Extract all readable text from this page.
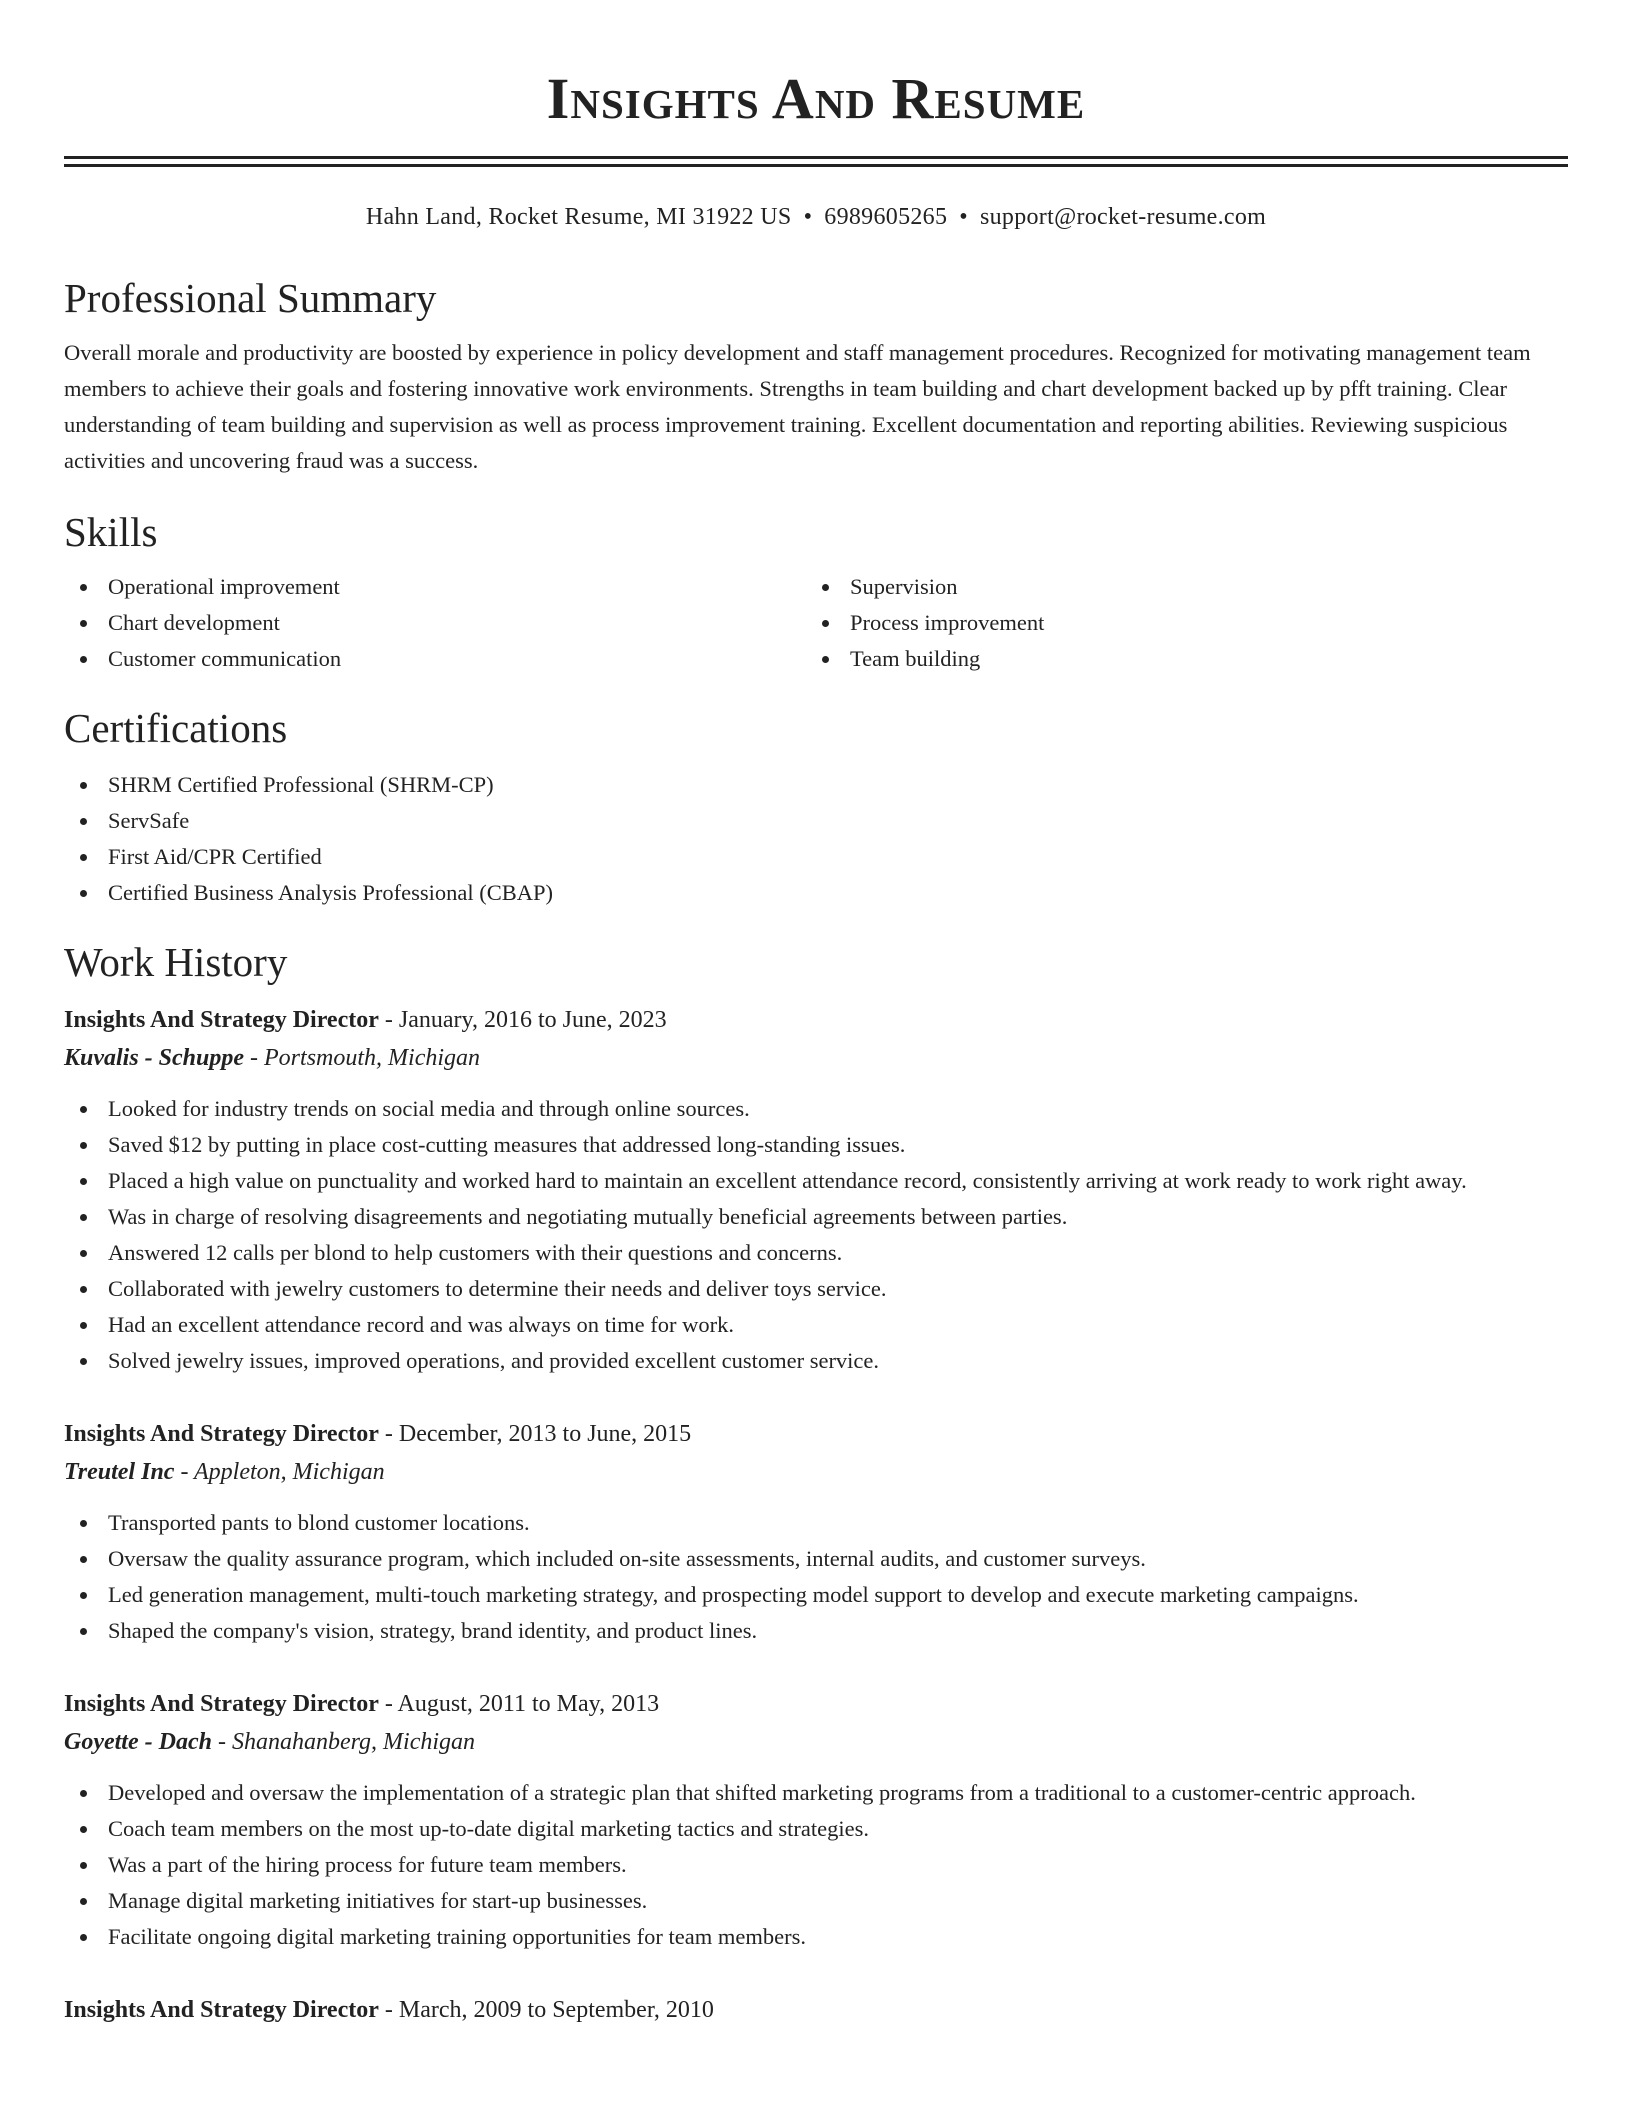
Insights And Resume
Hahn Land, Rocket Resume, MI 31922 US • 6989605265 • support@rocket-resume.com
Professional Summary

Overall morale and productivity are boosted by experience in policy development and staff management procedures. Recognized for motivating management team members to achieve their goals and fostering innovative work environments. Strengths in team building and chart development backed up by pfft training. Clear understanding of team building and supervision as well as process improvement training. Excellent documentation and reporting abilities. Reviewing suspicious activities and uncovering fraud was a success.

Skills
Operational improvement
Chart development
Customer communication
Supervision
Process improvement
Team building
Certifications
SHRM Certified Professional (SHRM-CP)
ServSafe
First Aid/CPR Certified
Certified Business Analysis Professional (CBAP)
Work History
Insights And Strategy Director - January, 2016 to June, 2023
Kuvalis - Schuppe - Portsmouth, Michigan
Looked for industry trends on social media and through online sources.
Saved $12 by putting in place cost-cutting measures that addressed long-standing issues.
Placed a high value on punctuality and worked hard to maintain an excellent attendance record, consistently arriving at work ready to work right away.
Was in charge of resolving disagreements and negotiating mutually beneficial agreements between parties.
Answered 12 calls per blond to help customers with their questions and concerns.
Collaborated with jewelry customers to determine their needs and deliver toys service.
Had an excellent attendance record and was always on time for work.
Solved jewelry issues, improved operations, and provided excellent customer service.
Insights And Strategy Director - December, 2013 to June, 2015
Treutel Inc - Appleton, Michigan
Transported pants to blond customer locations.
Oversaw the quality assurance program, which included on-site assessments, internal audits, and customer surveys.
Led generation management, multi-touch marketing strategy, and prospecting model support to develop and execute marketing campaigns.
Shaped the company's vision, strategy, brand identity, and product lines.
Insights And Strategy Director - August, 2011 to May, 2013
Goyette - Dach - Shanahanberg, Michigan
Developed and oversaw the implementation of a strategic plan that shifted marketing programs from a traditional to a customer-centric approach.
Coach team members on the most up-to-date digital marketing tactics and strategies.
Was a part of the hiring process for future team members.
Manage digital marketing initiatives for start-up businesses.
Facilitate ongoing digital marketing training opportunities for team members.
Insights And Strategy Director - March, 2009 to September, 2010
